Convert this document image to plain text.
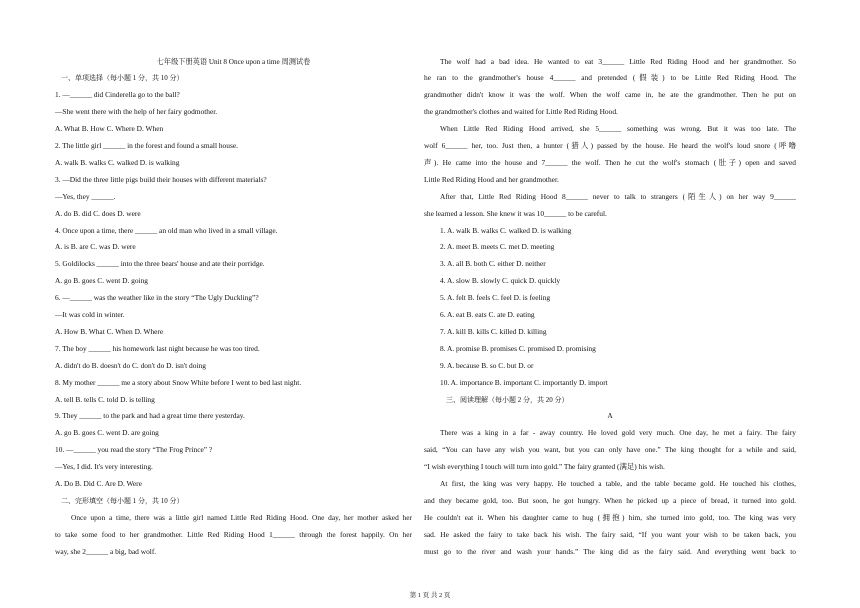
七年级下册英语 Unit 8 Once upon a time 周测试卷
一、单项选择（每小题 1 分，共 10 分）
1. —______ did Cinderella go to the ball?
—She went there with the help of her fairy godmother.
A. What B. How C. Where D. When
2. The little girl ______ in the forest and found a small house.
A. walk B. walks C. walked D. is walking
3. —Did the three little pigs build their houses with different materials?
—Yes, they ______.
A. do B. did C. does D. were
4. Once upon a time, there ______ an old man who lived in a small village.
A. is B. are C. was D. were
5. Goldilocks ______ into the three bears' house and ate their porridge.
A. go B. goes C. went D. going
6. —______ was the weather like in the story “The Ugly Duckling”?
—It was cold in winter.
A. How B. What C. When D. Where
7. The boy ______ his homework last night because he was too tired.
A. didn't do B. doesn't do C. don't do D. isn't doing
8. My mother ______ me a story about Snow White before I went to bed last night.
A. tell B. tells C. told D. is telling
9. They ______ to the park and had a great time there yesterday.
A. go B. goes C. went D. are going
10. —______ you read the story “The Frog Prince” ?
—Yes, I did. It's very interesting.
A. Do B. Did C. Are D. Were
二、完形填空（每小题 1 分，共 10 分）
Once upon a time, there was a little girl named Little Red Riding Hood. One day, her mother asked her
to take some food to her grandmother. Little Red Riding Hood 1______ through the forest happily. On her
way, she 2______ a big, bad wolf.
The wolf had a bad idea. He wanted to eat 3______ Little Red Riding Hood and her grandmother. So
he ran to the grandmother's house 4______ and pretended (假装) to be Little Red Riding Hood. The
grandmother didn't know it was the wolf. When the wolf came in, he ate the grandmother. Then he put on
the grandmother's clothes and waited for Little Red Riding Hood.
When Little Red Riding Hood arrived, she 5______ something was wrong. But it was too late. The
wolf 6______ her, too. Just then, a hunter (猎人) passed by the house. He heard the wolf's loud snore (呼噜
声). He came into the house and 7______ the wolf. Then he cut the wolf's stomach (肚子) open and saved
Little Red Riding Hood and her grandmother.
After that, Little Red Riding Hood 8______ never to talk to strangers (陌生人) on her way 9______
she learned a lesson. She knew it was 10______ to be careful.
1. A. walk B. walks C. walked D. is walking
2. A. meet B. meets C. met D. meeting
3. A. all B. both C. either D. neither
4. A. slow B. slowly C. quick D. quickly
5. A. felt B. feels C. feel D. is feeling
6. A. eat B. eats C. ate D. eating
7. A. kill B. kills C. killed D. killing
8. A. promise B. promises C. promised D. promising
9. A. because B. so C. but D. or
10. A. importance B. important C. importantly D. import
三、阅读理解（每小题 2 分，共 20 分）
A
There was a king in a far - away country. He loved gold very much. One day, he met a fairy. The fairy
said, “You can have any wish you want, but you can only have one.” The king thought for a while and said,
“I wish everything I touch will turn into gold.” The fairy granted (满足) his wish.
At first, the king was very happy. He touched a table, and the table became gold. He touched his clothes,
and they became gold, too. But soon, he got hungry. When he picked up a piece of bread, it turned into gold.
He couldn't eat it. When his daughter came to hug (拥抱) him, she turned into gold, too. The king was very
sad. He asked the fairy to take back his wish. The fairy said, “If you want your wish to be taken back, you
must go to the river and wash your hands.” The king did as the fairy said. And everything went back to
第 1 页 共 2 页
